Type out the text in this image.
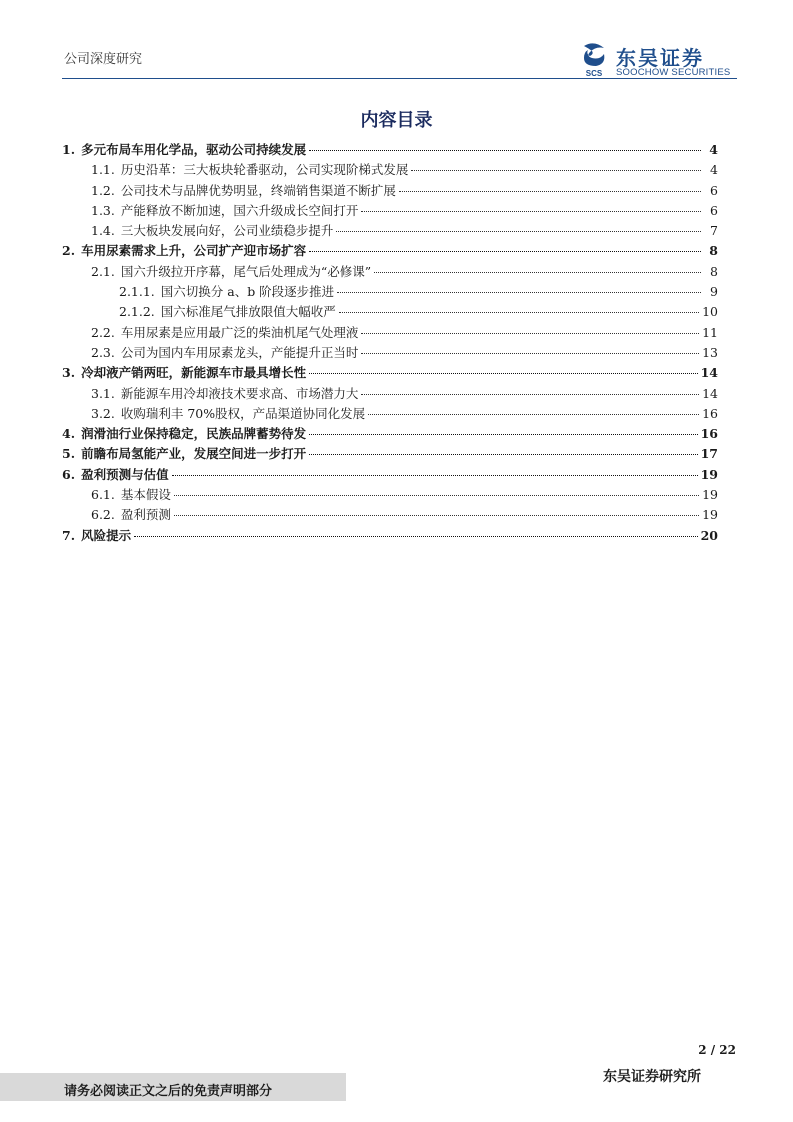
公司深度研究
SCS
东吴证券
SOOCHOW SECURITIES
内容目录
1. 多元布局车用化学品，驱动公司持续发展	4
1.1. 历史沿革：三大板块轮番驱动，公司实现阶梯式发展	4
1.2. 公司技术与品牌优势明显，终端销售渠道不断扩展	6
1.3. 产能释放不断加速，国六升级成长空间打开	6
1.4. 三大板块发展向好，公司业绩稳步提升	7
2. 车用尿素需求上升，公司扩产迎市场扩容	8
2.1. 国六升级拉开序幕，尾气后处理成为“必修课”	8
2.1.1. 国六切换分 a、b 阶段逐步推进	9
2.1.2. 国六标准尾气排放限值大幅收严	10
2.2. 车用尿素是应用最广泛的柴油机尾气处理液	11
2.3. 公司为国内车用尿素龙头，产能提升正当时	13
3. 冷却液产销两旺，新能源车市最具增长性	14
3.1. 新能源车用冷却液技术要求高、市场潜力大	14
3.2. 收购瑞利丰 70%股权，产品渠道协同化发展	16
4. 润滑油行业保持稳定，民族品牌蓄势待发	16
5. 前瞻布局氢能产业，发展空间进一步打开	17
6. 盈利预测与估值	19
6.1. 基本假设	19
6.2. 盈利预测	19
7. 风险提示	20
2 / 22
请务必阅读正文之后的免责声明部分
东吴证券研究所
